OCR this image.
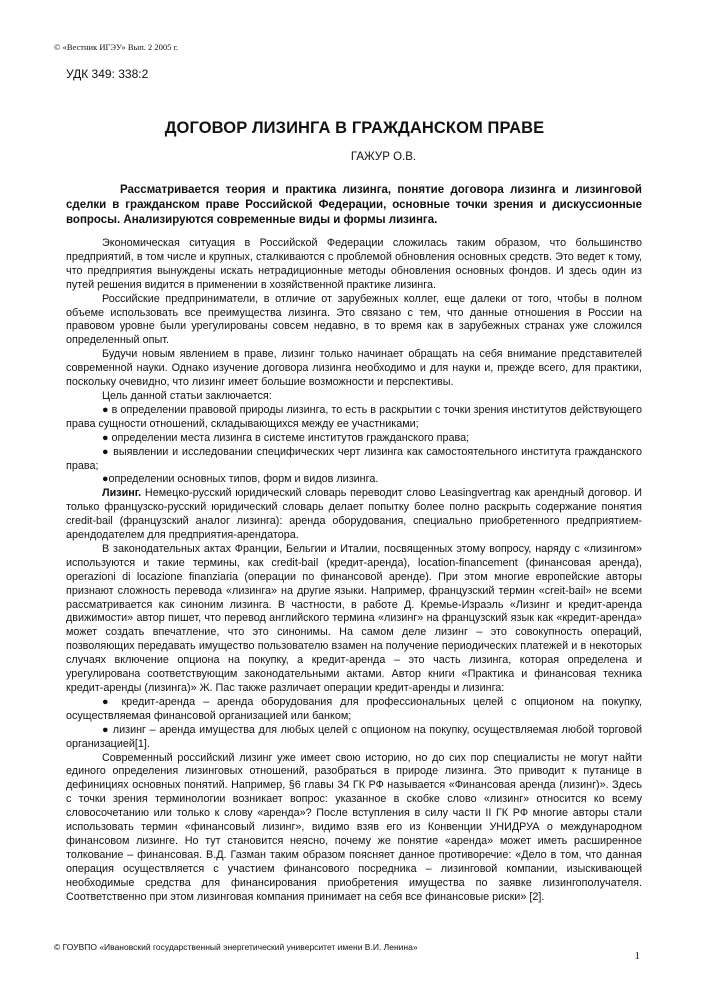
© «Вестник ИГЭУ» Вып. 2 2005 г.
УДК 349: 338:2
ДОГОВОР ЛИЗИНГА В ГРАЖДАНСКОМ ПРАВЕ
ГАЖУР О.В.

Рассматривается теория и практика лизинга, понятие договора лизинга и лизинговой сделки в гражданском праве Российской Федерации, основные точки зрения и дискуссионные вопросы. Анализируются современные виды и формы лизинга.

Экономическая ситуация в Российской Федерации сложилась таким образом, что большинство предприятий, в том числе и крупных, сталкиваются с проблемой обновления основных средств. Это ведет к тому, что предприятия вынуждены искать нетрадиционные методы обновления основных фондов. И здесь один из путей решения видится в применении в хозяйственной практике лизинга.

Российские предприниматели, в отличие от зарубежных коллег, еще далеки от того, чтобы в полном объеме использовать все преимущества лизинга. Это связано с тем, что данные отношения в России на правовом уровне были урегулированы совсем недавно, в то время как в зарубежных странах уже сложился определенный опыт.

Будучи новым явлением в праве, лизинг только начинает обращать на себя внимание представителей современной науки. Однако изучение договора лизинга необходимо и для науки и, прежде всего, для практики, поскольку очевидно, что лизинг имеет большие возможности и перспективы.

Цель данной статьи заключается:

● в определении правовой природы лизинга, то есть в раскрытии с точки зрения институтов действующего права сущности отношений, складывающихся между ее участниками;

● определении места лизинга в системе институтов гражданского права;

● выявлении и исследовании специфических черт лизинга как самостоятельного института гражданского права;

●определении основных типов, форм и видов лизинга.

Лизинг. Немецко-русский юридический словарь переводит слово Leasingvertrag как арендный договор. И только французско-русский юридический словарь делает попытку более полно раскрыть содержание понятия credit-bail (французский аналог лизинга): аренда оборудования, специально приобретенного предприятием-арендодателем для предприятия-арендатора.

В законодательных актах Франции, Бельгии и Италии, посвященных этому вопросу, наряду с «лизингом» используются и такие термины, как credit-bail (кредит-аренда), location-financement (финансовая аренда), operazioni di locazione finanziaria (операции по финансовой аренде). При этом многие европейские авторы признают сложность перевода «лизинга» на другие языки. Например, французский термин «creit-bail» не всеми рассматривается как синоним лизинга. В частности, в работе Д. Кремье-Израэль «Лизинг и кредит-аренда движимости» автор пишет, что перевод английского термина «лизинг» на французский язык как «кредит-аренда» может создать впечатление, что это синонимы. На самом деле лизинг – это совокупность операций, позволяющих передавать имущество пользователю взамен на получение периодических платежей и в некоторых случаях включение опциона на покупку, а кредит-аренда – это часть лизинга, которая определена и урегулирована соответствующим законодательными актами. Автор книги «Практика и финансовая техника кредит-аренды (лизинга)» Ж. Пас также различает операции кредит-аренды и лизинга:

● кредит-аренда – аренда оборудования для профессиональных целей с опционом на покупку, осуществляемая финансовой организацией или банком;

● лизинг – аренда имущества для любых целей с опционом на покупку, осуществляемая любой торговой организацией[1].

Современный российский лизинг уже имеет свою историю, но до сих пор специалисты не могут найти единого определения лизинговых отношений, разобраться в природе лизинга. Это приводит к путанице в дефинициях основных понятий. Например, §6 главы 34 ГК РФ называется «Финансовая аренда (лизинг)». Здесь с точки зрения терминологии возникает вопрос: указанное в скобке слово «лизинг» относится ко всему словосочетанию или только к слову «аренда»? После вступления в силу части II ГК РФ многие авторы стали использовать термин «финансовый лизинг», видимо взяв его из Конвенции УНИДРУА о международном финансовом лизинге. Но тут становится неясно, почему же понятие «аренда» может иметь расширенное толкование – финансовая. В.Д. Газман таким образом поясняет данное противоречие: «Дело в том, что данная операция осуществляется с участием финансового посредника – лизинговой компании, изыскивающей необходимые средства для финансирования приобретения имущества по заявке лизингополучателя. Соответственно при этом лизинговая компания принимает на себя все финансовые риски» [2].

© ГОУВПО «Ивановский государственный энергетический университет имени В.И. Ленина»
1
